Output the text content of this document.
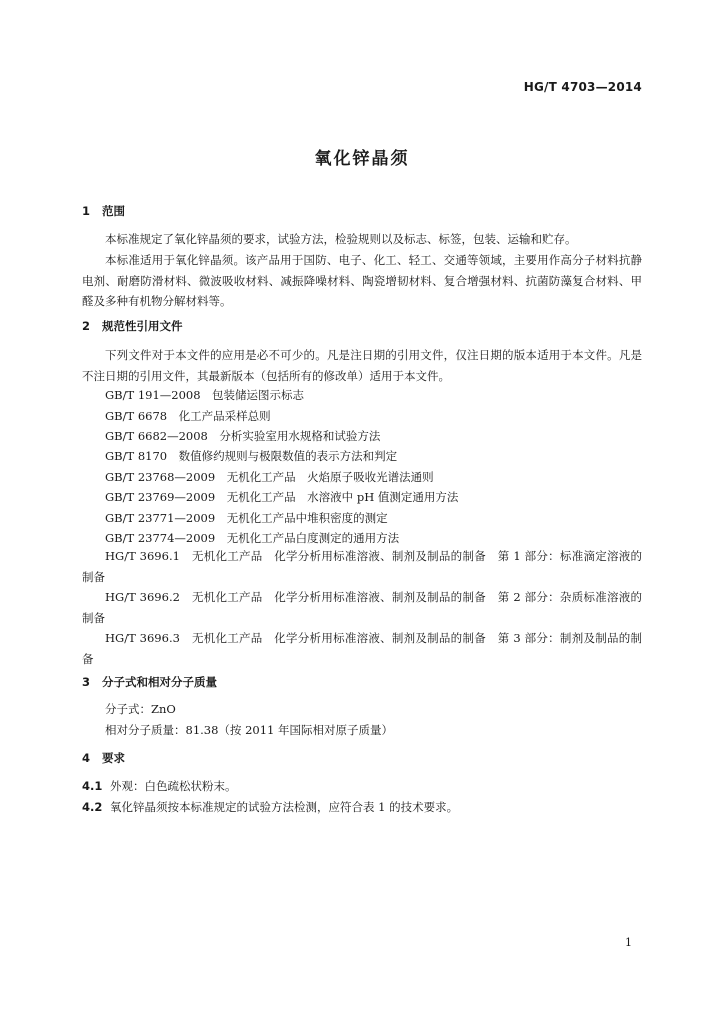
HG/T 4703—2014
氧化锌晶须
1 范围
本标准规定了氧化锌晶须的要求，试验方法，检验规则以及标志、标签，包装、运输和贮存。
本标准适用于氧化锌晶须。该产品用于国防、电子、化工、轻工、交通等领域，主要用作高分子材料抗静电剂、耐磨防滑材料、微波吸收材料、减振降噪材料、陶瓷增韧材料、复合增强材料、抗菌防藻复合材料、甲醛及多种有机物分解材料等。
2 规范性引用文件
下列文件对于本文件的应用是必不可少的。凡是注日期的引用文件，仅注日期的版本适用于本文件。凡是不注日期的引用文件，其最新版本（包括所有的修改单）适用于本文件。
GB/T 191—2008　包装储运图示标志
GB/T 6678　化工产品采样总则
GB/T 6682—2008　分析实验室用水规格和试验方法
GB/T 8170　数值修约规则与极限数值的表示方法和判定
GB/T 23768—2009　无机化工产品　火焰原子吸收光谱法通则
GB/T 23769—2009　无机化工产品　水溶液中 pH 值测定通用方法
GB/T 23771—2009　无机化工产品中堆积密度的测定
GB/T 23774—2009　无机化工产品白度测定的通用方法
HG/T 3696.1　无机化工产品　化学分析用标准溶液、制剂及制品的制备　第 1 部分：标准滴定溶液的制备
HG/T 3696.2　无机化工产品　化学分析用标准溶液、制剂及制品的制备　第 2 部分：杂质标准溶液的制备
HG/T 3696.3　无机化工产品　化学分析用标准溶液、制剂及制品的制备　第 3 部分：制剂及制品的制备
3 分子式和相对分子质量
分子式：ZnO
相对分子质量：81.38（按 2011 年国际相对原子质量）
4 要求
4.1 外观：白色疏松状粉末。
4.2 氧化锌晶须按本标准规定的试验方法检测，应符合表 1 的技术要求。
1
